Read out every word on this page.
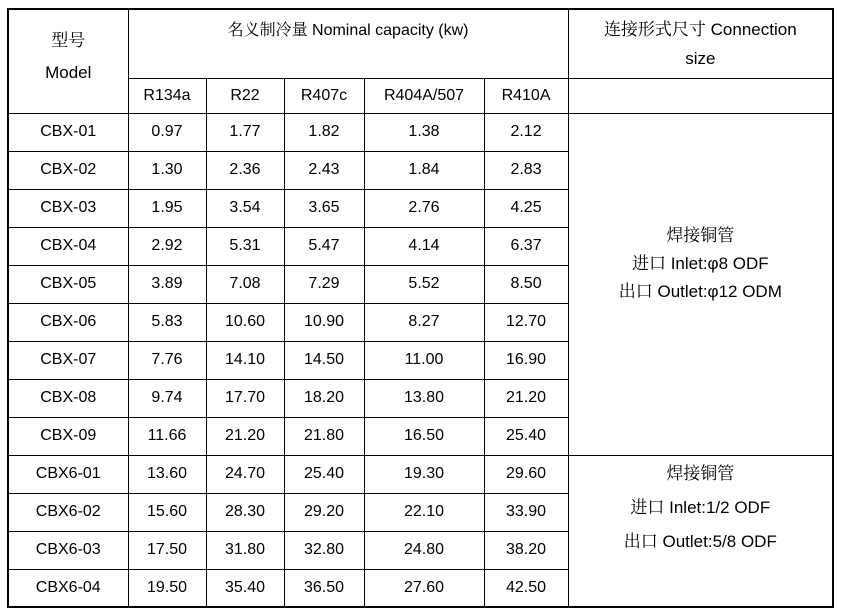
型号
Model

名义制冷量 Nominal capacity (kw)	连接形式尺寸 Connection
size

	R134a	R22	R407c	R404A/507	R410A	
CBX-01	0.97	1.77	1.82	1.38	2.12	焊接铜管
进口 Inlet:φ8 ODF
出口 Outlet:φ12 ODM

CBX-02	1.30	2.36	2.43	1.84	2.83	
CBX-03	1.95	3.54	3.65	2.76	4.25	
CBX-04	2.92	5.31	5.47	4.14	6.37	
CBX-05	3.89	7.08	7.29	5.52	8.50	
CBX-06	5.83	10.60	10.90	8.27	12.70	
CBX-07	7.76	14.10	14.50	11.00	16.90	
CBX-08	9.74	17.70	18.20	13.80	21.20	
CBX-09	11.66	21.20	21.80	16.50	25.40	
CBX6-01	13.60	24.70	25.40	19.30	29.60	焊接铜管
进口 Inlet:1/2 ODF
出口 Outlet:5/8 ODF

CBX6-02	15.60	28.30	29.20	22.10	33.90	
CBX6-03	17.50	31.80	32.80	24.80	38.20	
CBX6-04	19.50	35.40	36.50	27.60	42.50	
